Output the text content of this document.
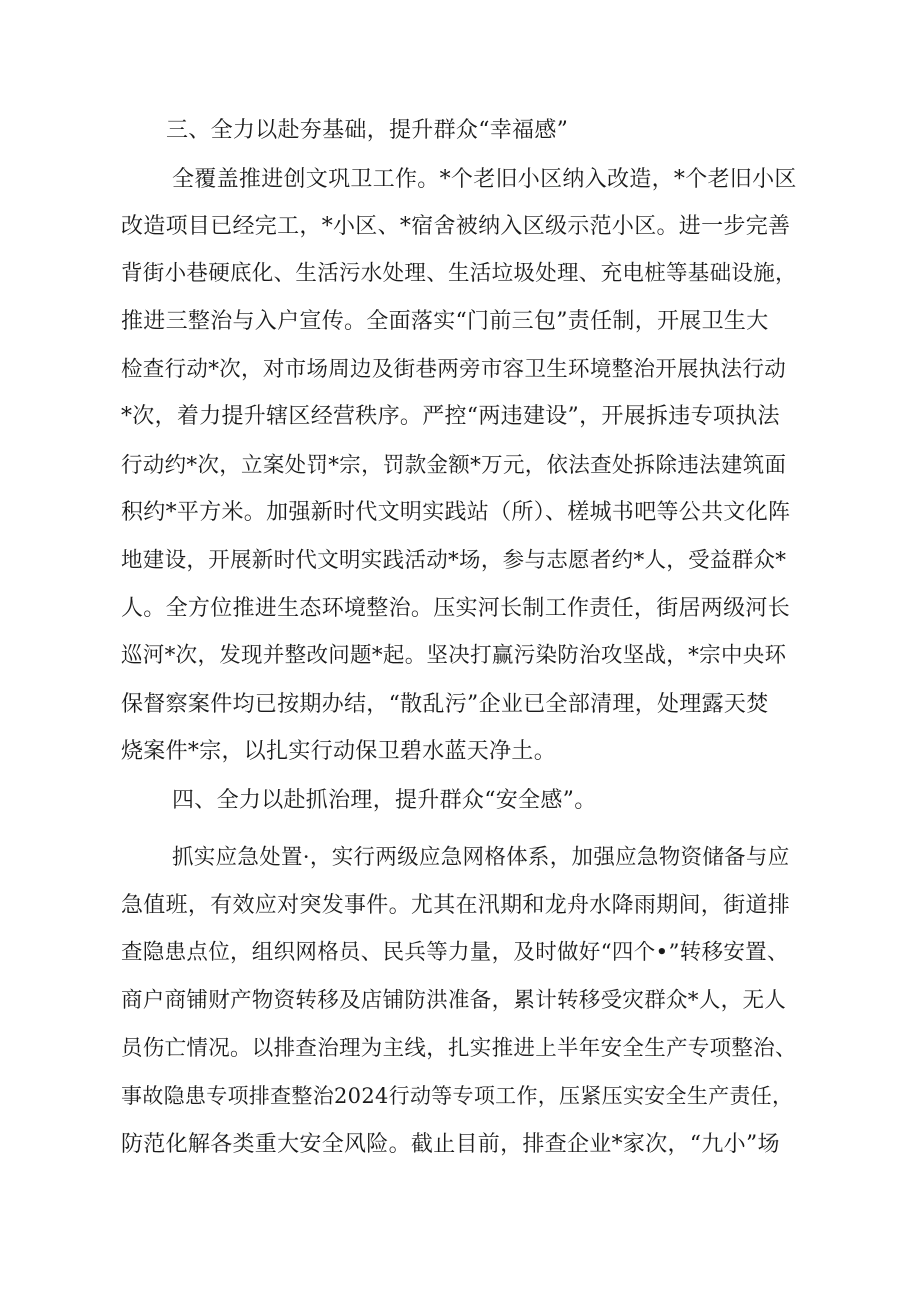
三、全力以赴夯基础，提升群众“幸福感”

全覆盖推进创文巩卫工作。*个老旧小区纳入改造，*个老旧小区

改造项目已经完工，*小区、*宿舍被纳入区级示范小区。进一步完善

背街小巷硬底化、生活污水处理、生活垃圾处理、充电桩等基础设施，

推进三整治与入户宣传。全面落实“门前三包”责任制，开展卫生大

检查行动*次，对市场周边及街巷两旁市容卫生环境整治开展执法行动

*次，着力提升辖区经营秩序。严控“两违建设”，开展拆违专项执法

行动约*次，立案处罚*宗，罚款金额*万元，依法查处拆除违法建筑面

积约*平方米。加强新时代文明实践站（所）、槎城书吧等公共文化阵

地建设，开展新时代文明实践活动*场，参与志愿者约*人，受益群众*

人。全方位推进生态环境整治。压实河长制工作责任，街居两级河长

巡河*次，发现并整改问题*起。坚决打赢污染防治攻坚战，*宗中央环

保督察案件均已按期办结，“散乱污”企业已全部清理，处理露天焚

烧案件*宗，以扎实行动保卫碧水蓝天净土。

四、全力以赴抓治理，提升群众“安全感”。

抓实应急处置·，实行两级应急网格体系，加强应急物资储备与应

急值班，有效应对突发事件。尤其在汛期和龙舟水降雨期间，街道排

查隐患点位，组织网格员、民兵等力量，及时做好“四个•”转移安置、

商户商铺财产物资转移及店铺防洪准备，累计转移受灾群众*人，无人

员伤亡情况。以排查治理为主线，扎实推进上半年安全生产专项整治、

事故隐患专项排查整治2024行动等专项工作，压紧压实安全生产责任，

防范化解各类重大安全风险。截止目前，排查企业*家次，“九小”场
